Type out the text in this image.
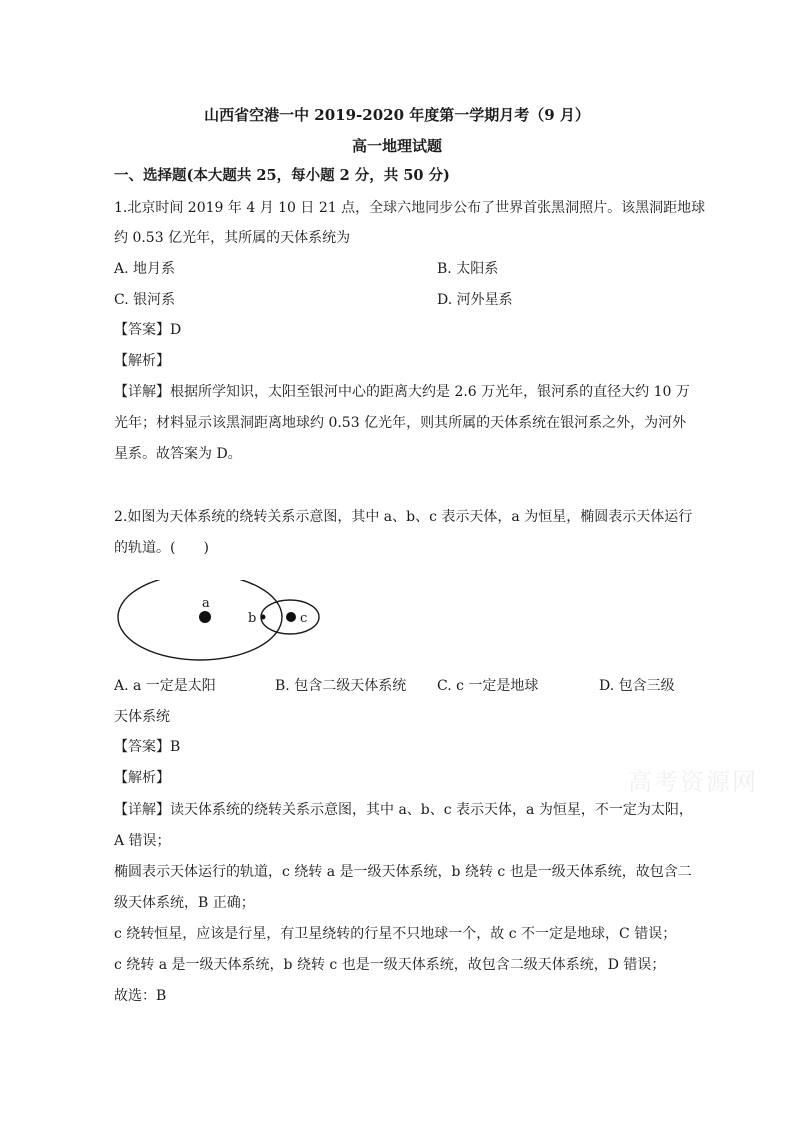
山西省空港一中 2019-2020 年度第一学期月考（9 月）
高一地理试题
一、选择题(本大题共 25，每小题 2 分，共 50 分)
1.北京时间 2019 年 4 月 10 日 21 点，全球六地同步公布了世界首张黑洞照片。该黑洞距地球
约 0.53 亿光年，其所属的天体系统为
A. 地月系	B. 太阳系
C. 银河系	D. 河外星系
【答案】D
【解析】
【详解】根据所学知识，太阳至银河中心的距离大约是 2.6 万光年，银河系的直径大约 10 万
光年；材料显示该黑洞距离地球约 0.53 亿光年，则其所属的天体系统在银河系之外，为河外
星系。故答案为 D。
2.如图为天体系统的绕转关系示意图，其中 a、b、c 表示天体，a 为恒星，椭圆表示天体运行
的轨道。(　　)
a
b	c
A. a 一定是太阳	B. 包含二级天体系统 C. c 一定是地球	D. 包含三级
天体系统
【答案】B
【解析】
【详解】读天体系统的绕转关系示意图，其中 a、b、c 表示天体，a 为恒星，不一定为太阳，
A 错误；
椭圆表示天体运行的轨道，c 绕转 a 是一级天体系统，b 绕转 c 也是一级天体系统，故包含二
级天体系统，B 正确；
c 绕转恒星，应该是行星，有卫星绕转的行星不只地球一个，故 c 不一定是地球，C 错误；
c 绕转 a 是一级天体系统，b 绕转 c 也是一级天体系统，故包含二级天体系统，D 错误；
故选：B
高考资源网
